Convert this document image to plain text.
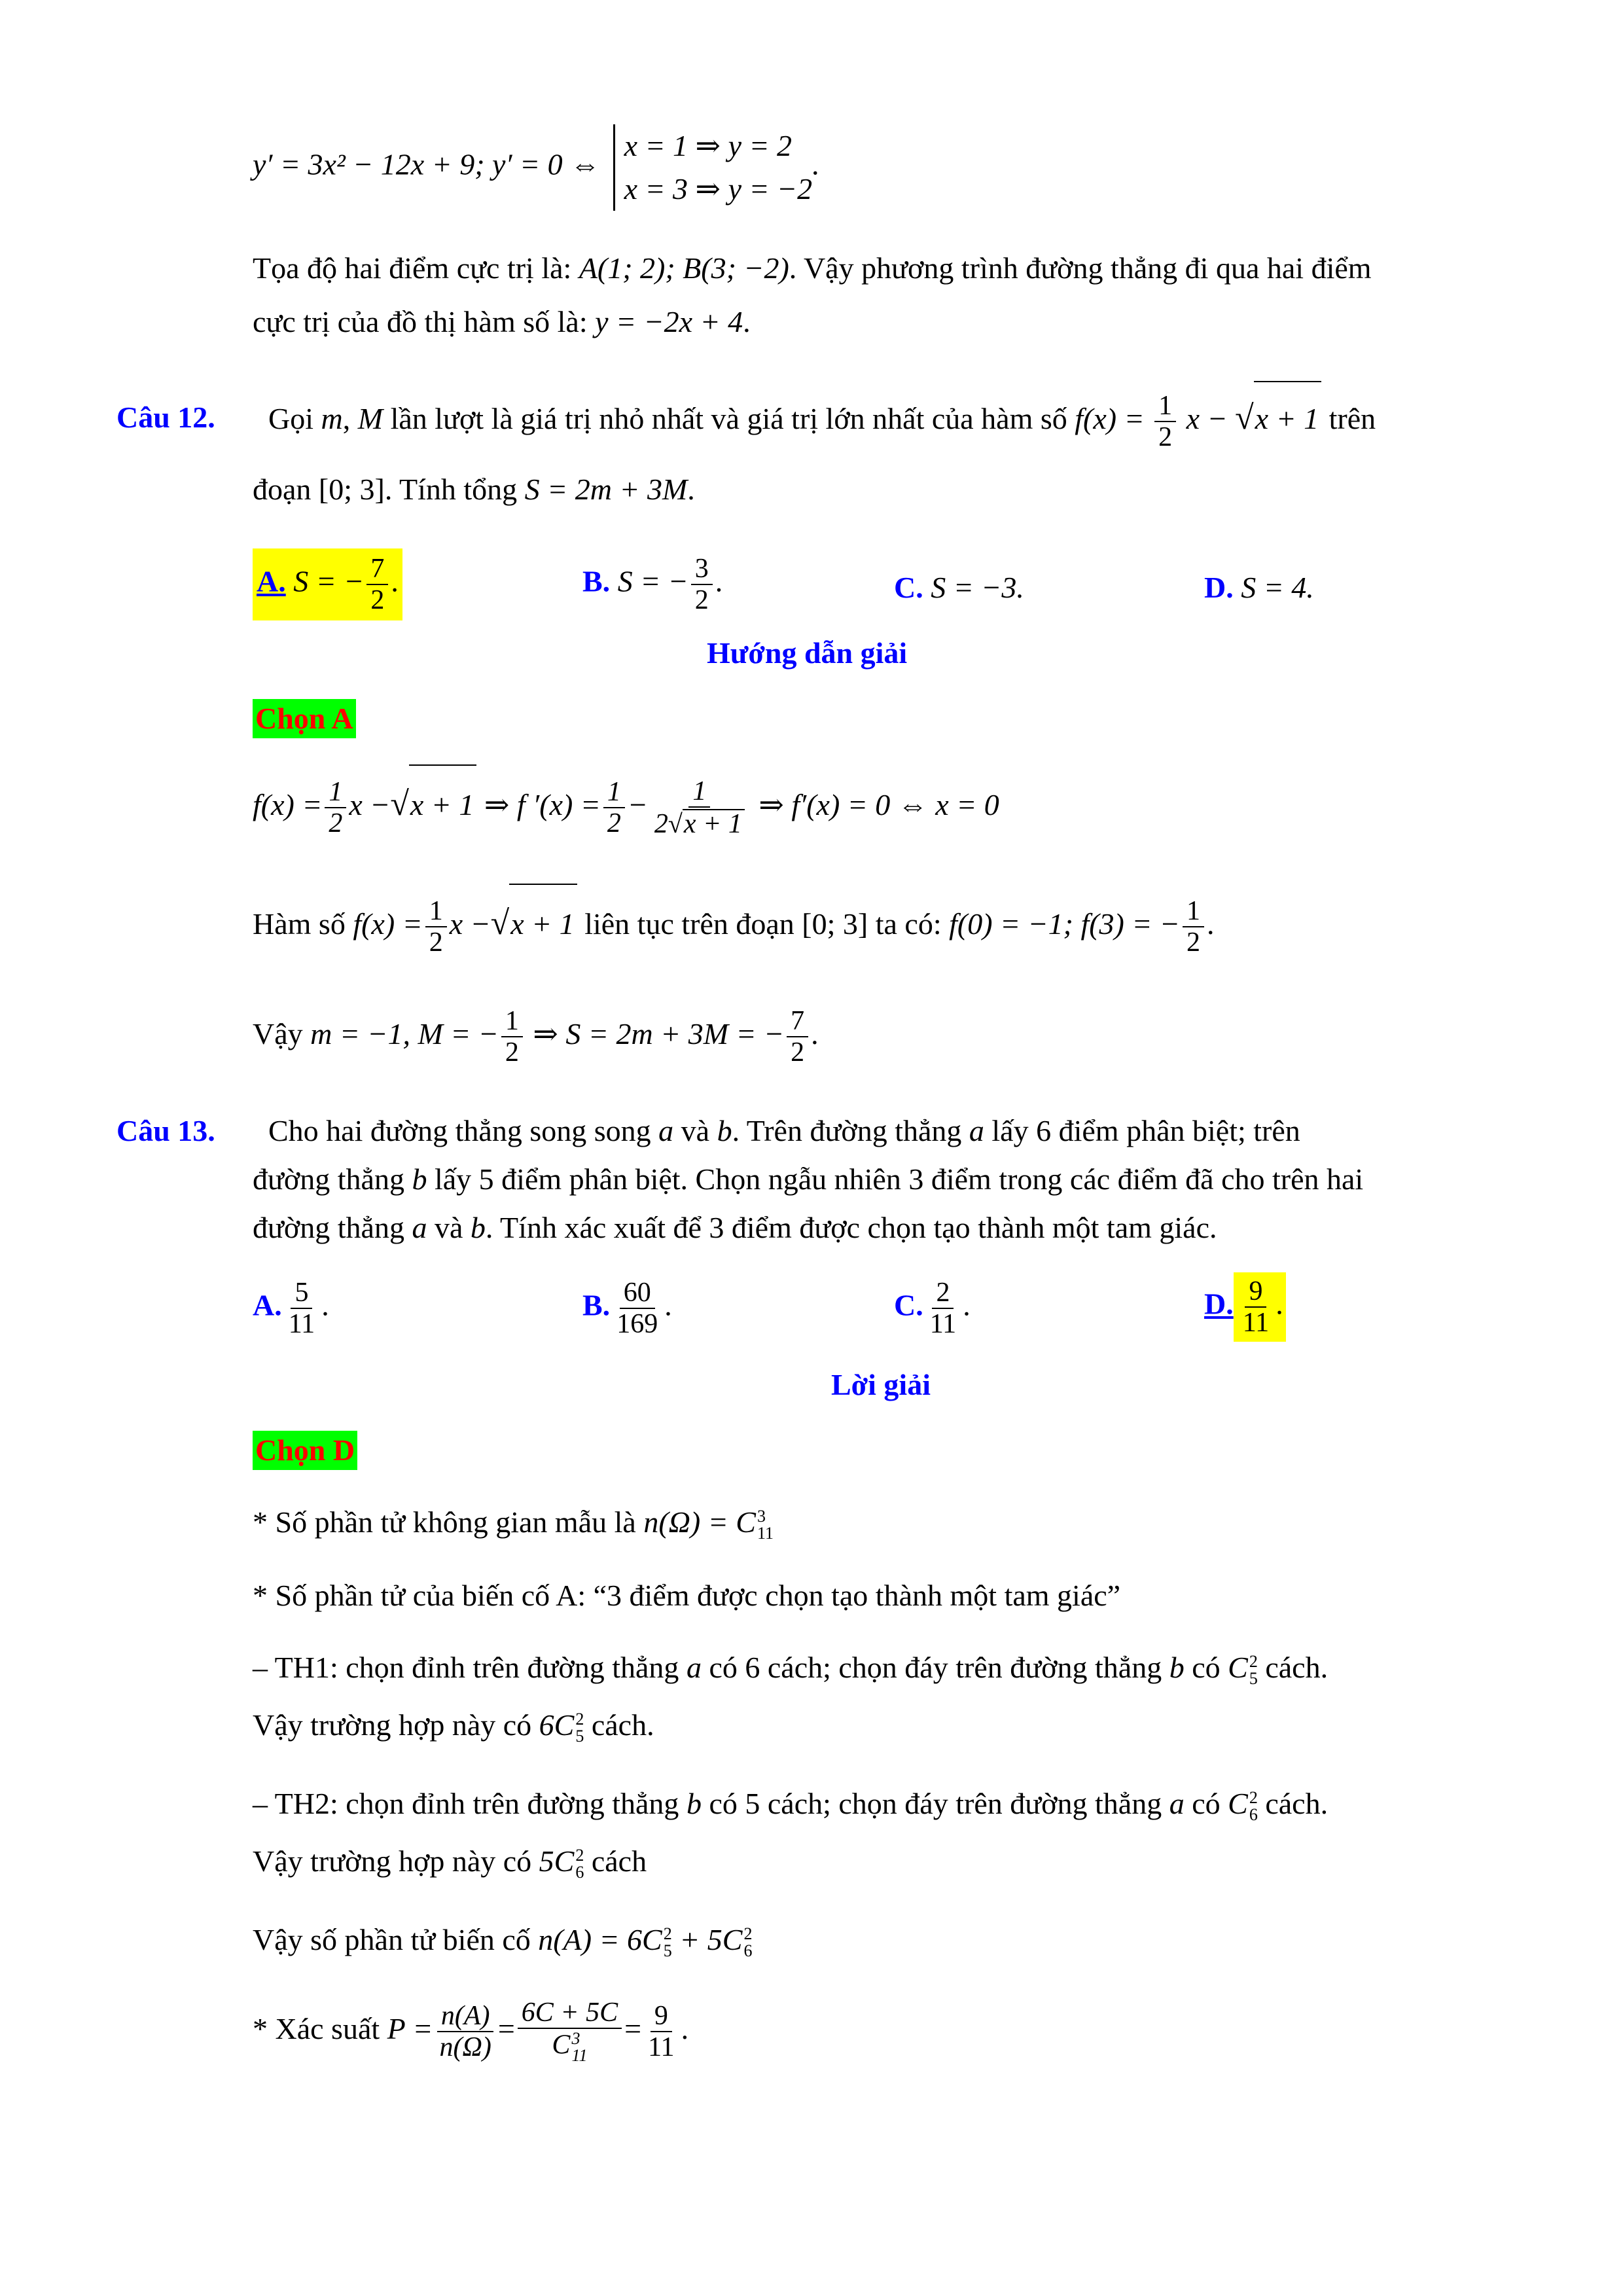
y′ = 3x² − 12x + 9; y′ = 0 ⇔
x = 1 ⇒ y = 2
x = 3 ⇒ y = −2
.
Tọa độ hai điểm cực trị là: A(1; 2); B(3; −2). Vậy phương trình đường thẳng đi qua hai điểm
cực trị của đồ thị hàm số là: y = −2x + 4.
Câu 12. Gọi m, M lần lượt là giá trị nhỏ nhất và giá trị lớn nhất của hàm số $f(x) = \frac{1}{2}$ x − √x + 1 trên
đoạn [0; 3]. Tính tổng S = 2m + 3M.
A. S = − $\frac{7}{2}$ .	B. S = − $\frac{3}{2}$ .	C. S = −3.	D. S = 4.
Hướng dẫn giải
Chọn A
$f(x) = \frac{1}{2}$ x −√x + 1 ⇒ f $'(x) = \frac{1}{2} - \frac{1}{2√x + 1}$ ⇒ f′(x) = 0 ⇔ x = 0
Hàm số $f(x) = \frac{1}{2}$ x −√x + 1 liên tục trên đoạn [0; 3] ta có: f(0) = −1; f(3) = − $\frac{1}{2}$ .
Vậy m = −1, M = − $\frac{1}{2}$ ⇒ S = 2m + 3M = − $\frac{7}{2}$ .
Câu 13. Cho hai đường thẳng song song a và b. Trên đường thẳng a lấy 6 điểm phân biệt; trên
đường thẳng b lấy 5 điểm phân biệt. Chọn ngẫu nhiên 3 điểm trong các điểm đã cho trên hai
đường thẳng a và b. Tính xác xuất để 3 điểm được chọn tạo thành một tam giác.
A. $\frac{5}{11}$ .	B. $\frac{60}{169}$ .	C. $\frac{2}{11}$ .	D. $\frac{9}{11}$ .
Lời giải
Chọn D
* Số phần tử không gian mẫu là n(Ω) = C 3
11
* Số phần tử của biến cố A: “3 điểm được chọn tạo thành một tam giác”
– TH1: chọn đỉnh trên đường thẳng a có 6 cách; chọn đáy trên đường thẳng b có C 2
5 cách.
Vậy trường hợp này có 6C 2
5 cách.
– TH2: chọn đỉnh trên đường thẳng b có 5 cách; chọn đáy trên đường thẳng a có C 2
6 cách.
Vậy trường hợp này có 5C 2
6 cách
Vậy số phần tử biến cố n(A) = 6C 2
5 + 5C 2
6
* Xác suất $P = \frac{n(A)}{n(\Omega)} = 6C + 5C$
C 3
$11 = \frac{9}{11}$ .
